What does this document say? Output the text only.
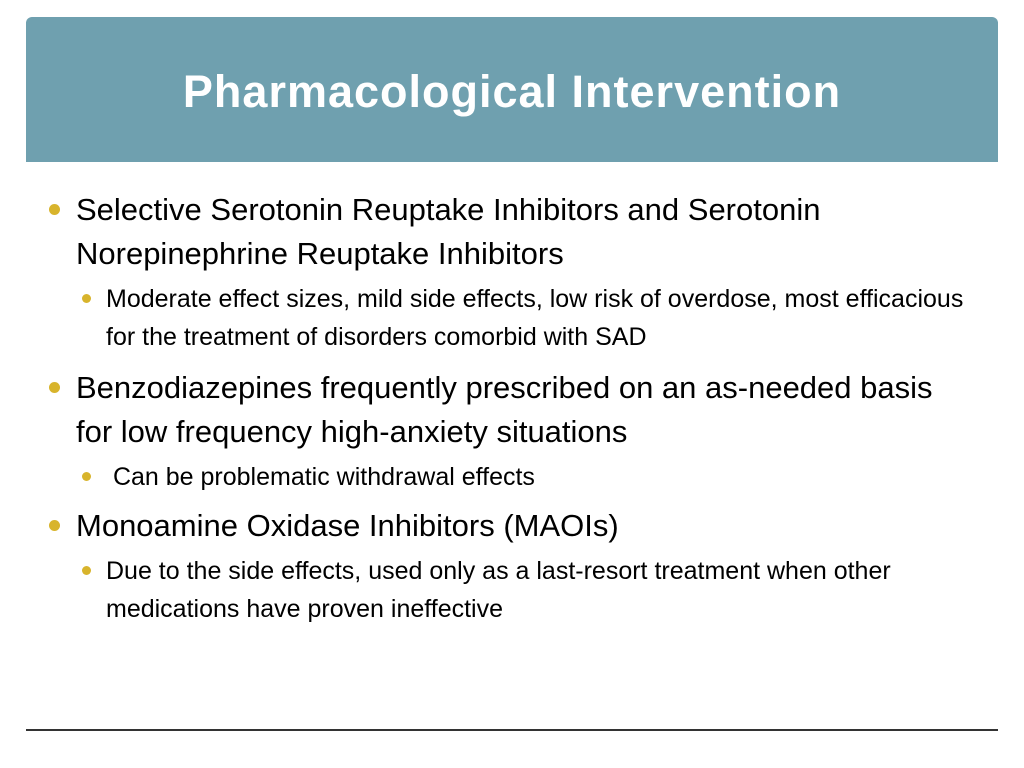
Pharmacological Intervention
Selective Serotonin Reuptake Inhibitors and Serotonin Norepinephrine Reuptake Inhibitors
Moderate effect sizes, mild side effects, low risk of overdose, most efficacious for the treatment of disorders comorbid with SAD
Benzodiazepines frequently prescribed on an as-needed basis for low frequency high-anxiety situations
Can be problematic withdrawal effects
Monoamine Oxidase Inhibitors (MAOIs)
Due to the side effects, used only as a last-resort treatment when other medications have proven ineffective
